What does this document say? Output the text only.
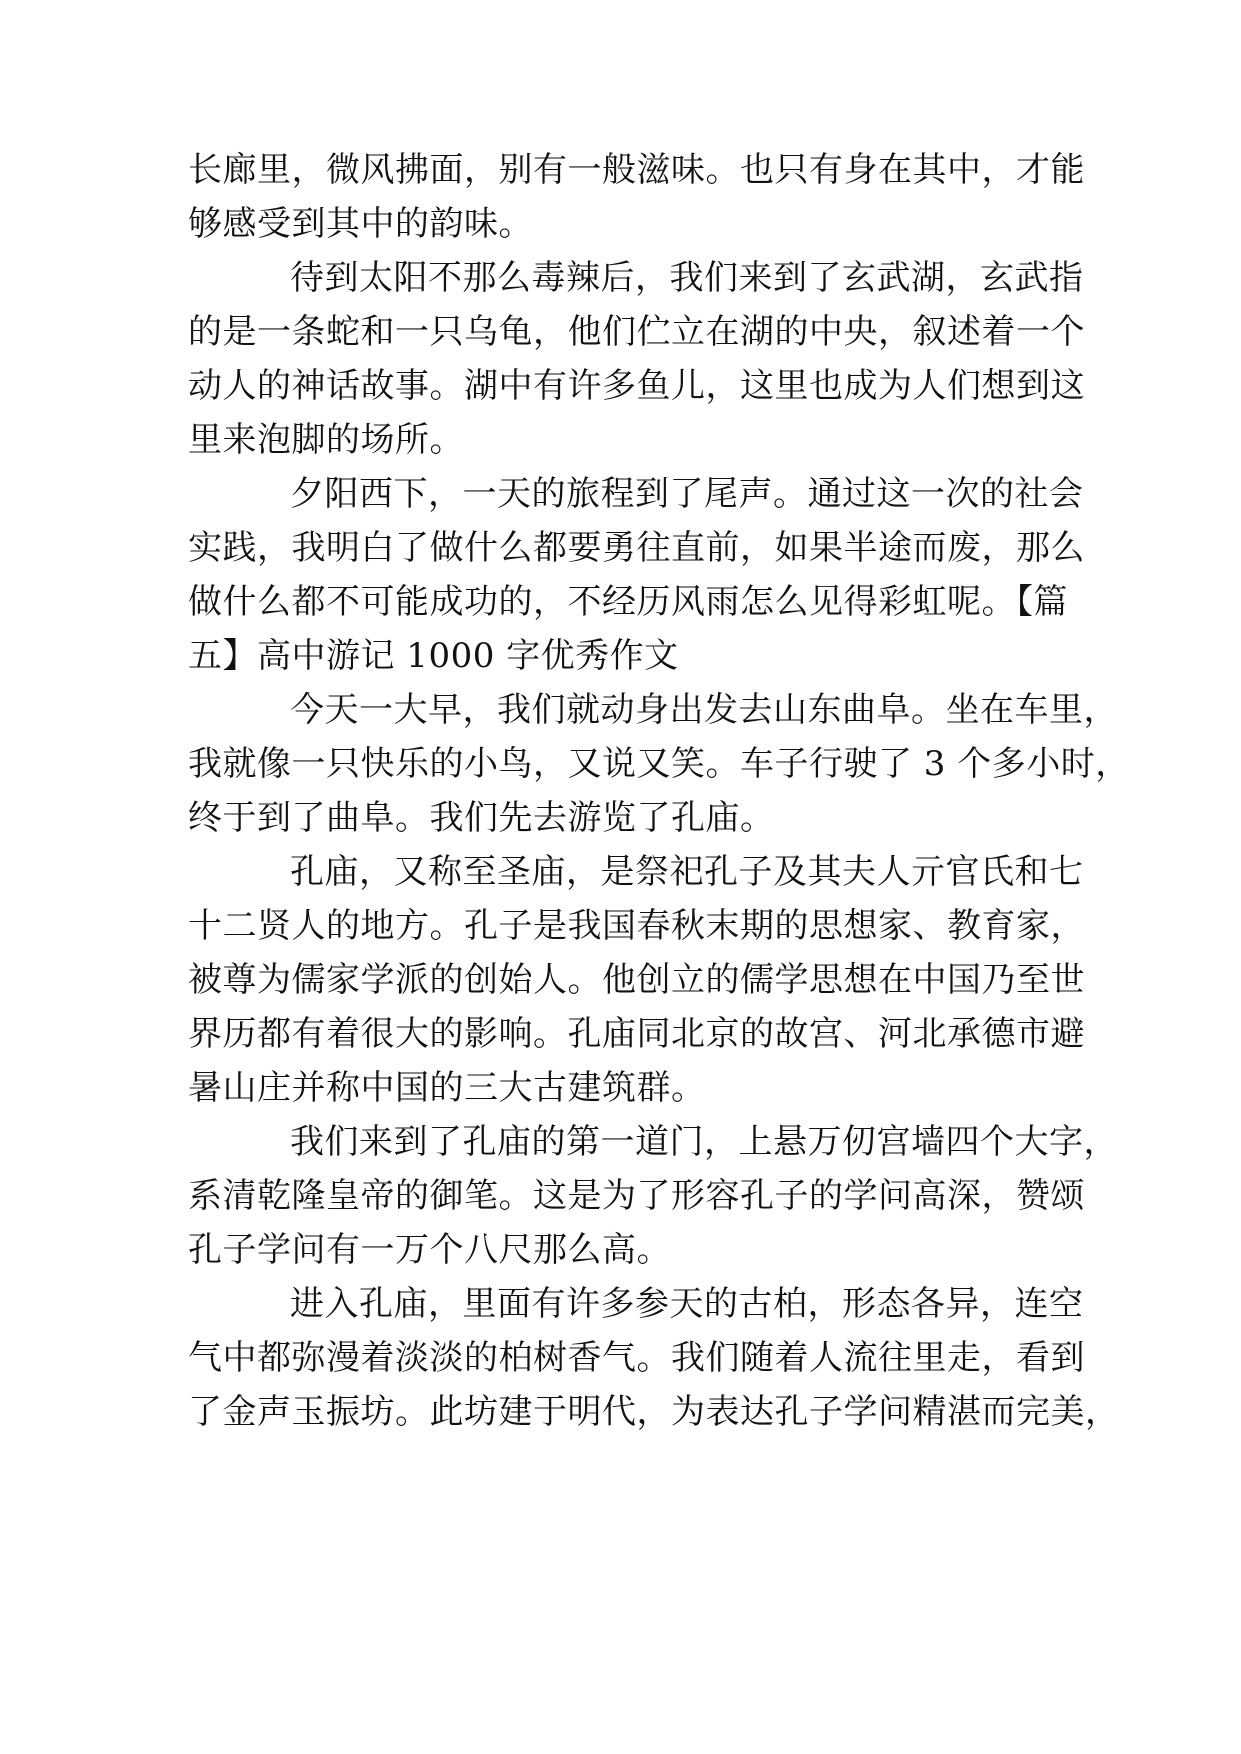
长廊里，微风拂面，别有一般滋味。也只有身在其中，才能
够感受到其中的韵味。
待到太阳不那么毒辣后，我们来到了玄武湖，玄武指
的是一条蛇和一只乌龟，他们伫立在湖的中央，叙述着一个
动人的神话故事。湖中有许多鱼儿，这里也成为人们想到这
里来泡脚的场所。
夕阳西下，一天的旅程到了尾声。通过这一次的社会
实践，我明白了做什么都要勇往直前，如果半途而废，那么
做什么都不可能成功的，不经历风雨怎么见得彩虹呢。【篇
五】高中游记 1000 字优秀作文
今天一大早，我们就动身出发去山东曲阜。坐在车里，
我就像一只快乐的小鸟，又说又笑。车子行驶了 3 个多小时，
终于到了曲阜。我们先去游览了孔庙。
孔庙，又称至圣庙，是祭祀孔子及其夫人亓官氏和七
十二贤人的地方。孔子是我国春秋末期的思想家、教育家，
被尊为儒家学派的创始人。他创立的儒学思想在中国乃至世
界历都有着很大的影响。孔庙同北京的故宫、河北承德市避
暑山庄并称中国的三大古建筑群。
我们来到了孔庙的第一道门，上悬万仞宫墙四个大字，
系清乾隆皇帝的御笔。这是为了形容孔子的学问高深，赞颂
孔子学问有一万个八尺那么高。
进入孔庙，里面有许多参天的古柏，形态各异，连空
气中都弥漫着淡淡的柏树香气。我们随着人流往里走，看到
了金声玉振坊。此坊建于明代，为表达孔子学问精湛而完美，
